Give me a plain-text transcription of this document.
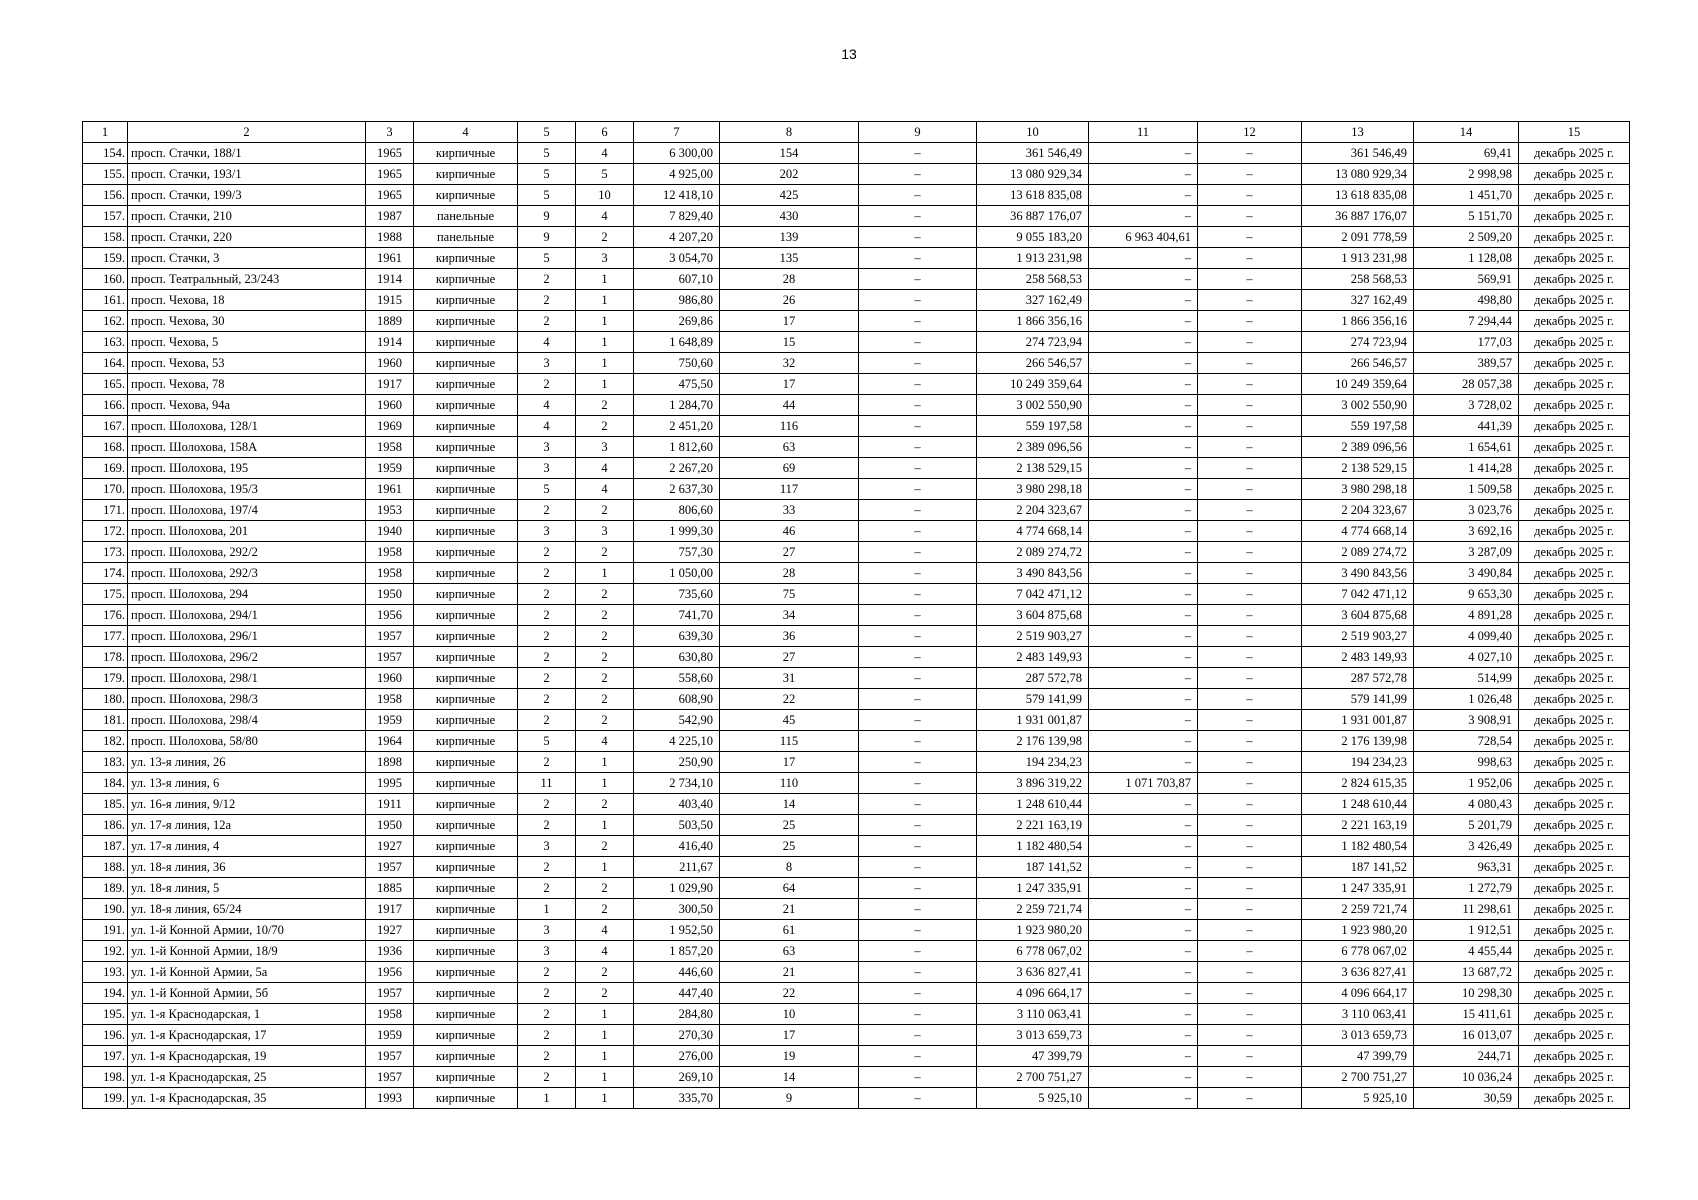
13
1	2	3	4	5	6	7	8	9	10	11	12	13	14	15
154.	просп. Стачки, 188/1	1965	кирпичные	5	4	6 300,00	154	–	361 546,49	–	–	361 546,49	69,41	декабрь 2025 г.
155.	просп. Стачки, 193/1	1965	кирпичные	5	5	4 925,00	202	–	13 080 929,34	–	–	13 080 929,34	2 998,98	декабрь 2025 г.
156.	просп. Стачки, 199/3	1965	кирпичные	5	10	12 418,10	425	–	13 618 835,08	–	–	13 618 835,08	1 451,70	декабрь 2025 г.
157.	просп. Стачки, 210	1987	панельные	9	4	7 829,40	430	–	36 887 176,07	–	–	36 887 176,07	5 151,70	декабрь 2025 г.
158.	просп. Стачки, 220	1988	панельные	9	2	4 207,20	139	–	9 055 183,20	6 963 404,61	–	2 091 778,59	2 509,20	декабрь 2025 г.
159.	просп. Стачки, 3	1961	кирпичные	5	3	3 054,70	135	–	1 913 231,98	–	–	1 913 231,98	1 128,08	декабрь 2025 г.
160.	просп. Театральный, 23/243	1914	кирпичные	2	1	607,10	28	–	258 568,53	–	–	258 568,53	569,91	декабрь 2025 г.
161.	просп. Чехова, 18	1915	кирпичные	2	1	986,80	26	–	327 162,49	–	–	327 162,49	498,80	декабрь 2025 г.
162.	просп. Чехова, 30	1889	кирпичные	2	1	269,86	17	–	1 866 356,16	–	–	1 866 356,16	7 294,44	декабрь 2025 г.
163.	просп. Чехова, 5	1914	кирпичные	4	1	1 648,89	15	–	274 723,94	–	–	274 723,94	177,03	декабрь 2025 г.
164.	просп. Чехова, 53	1960	кирпичные	3	1	750,60	32	–	266 546,57	–	–	266 546,57	389,57	декабрь 2025 г.
165.	просп. Чехова, 78	1917	кирпичные	2	1	475,50	17	–	10 249 359,64	–	–	10 249 359,64	28 057,38	декабрь 2025 г.
166.	просп. Чехова, 94а	1960	кирпичные	4	2	1 284,70	44	–	3 002 550,90	–	–	3 002 550,90	3 728,02	декабрь 2025 г.
167.	просп. Шолохова, 128/1	1969	кирпичные	4	2	2 451,20	116	–	559 197,58	–	–	559 197,58	441,39	декабрь 2025 г.
168.	просп. Шолохова, 158А	1958	кирпичные	3	3	1 812,60	63	–	2 389 096,56	–	–	2 389 096,56	1 654,61	декабрь 2025 г.
169.	просп. Шолохова, 195	1959	кирпичные	3	4	2 267,20	69	–	2 138 529,15	–	–	2 138 529,15	1 414,28	декабрь 2025 г.
170.	просп. Шолохова, 195/3	1961	кирпичные	5	4	2 637,30	117	–	3 980 298,18	–	–	3 980 298,18	1 509,58	декабрь 2025 г.
171.	просп. Шолохова, 197/4	1953	кирпичные	2	2	806,60	33	–	2 204 323,67	–	–	2 204 323,67	3 023,76	декабрь 2025 г.
172.	просп. Шолохова, 201	1940	кирпичные	3	3	1 999,30	46	–	4 774 668,14	–	–	4 774 668,14	3 692,16	декабрь 2025 г.
173.	просп. Шолохова, 292/2	1958	кирпичные	2	2	757,30	27	–	2 089 274,72	–	–	2 089 274,72	3 287,09	декабрь 2025 г.
174.	просп. Шолохова, 292/3	1958	кирпичные	2	1	1 050,00	28	–	3 490 843,56	–	–	3 490 843,56	3 490,84	декабрь 2025 г.
175.	просп. Шолохова, 294	1950	кирпичные	2	2	735,60	75	–	7 042 471,12	–	–	7 042 471,12	9 653,30	декабрь 2025 г.
176.	просп. Шолохова, 294/1	1956	кирпичные	2	2	741,70	34	–	3 604 875,68	–	–	3 604 875,68	4 891,28	декабрь 2025 г.
177.	просп. Шолохова, 296/1	1957	кирпичные	2	2	639,30	36	–	2 519 903,27	–	–	2 519 903,27	4 099,40	декабрь 2025 г.
178.	просп. Шолохова, 296/2	1957	кирпичные	2	2	630,80	27	–	2 483 149,93	–	–	2 483 149,93	4 027,10	декабрь 2025 г.
179.	просп. Шолохова, 298/1	1960	кирпичные	2	2	558,60	31	–	287 572,78	–	–	287 572,78	514,99	декабрь 2025 г.
180.	просп. Шолохова, 298/3	1958	кирпичные	2	2	608,90	22	–	579 141,99	–	–	579 141,99	1 026,48	декабрь 2025 г.
181.	просп. Шолохова, 298/4	1959	кирпичные	2	2	542,90	45	–	1 931 001,87	–	–	1 931 001,87	3 908,91	декабрь 2025 г.
182.	просп. Шолохова, 58/80	1964	кирпичные	5	4	4 225,10	115	–	2 176 139,98	–	–	2 176 139,98	728,54	декабрь 2025 г.
183.	ул. 13-я линия, 26	1898	кирпичные	2	1	250,90	17	–	194 234,23	–	–	194 234,23	998,63	декабрь 2025 г.
184.	ул. 13-я линия, 6	1995	кирпичные	11	1	2 734,10	110	–	3 896 319,22	1 071 703,87	–	2 824 615,35	1 952,06	декабрь 2025 г.
185.	ул. 16-я линия, 9/12	1911	кирпичные	2	2	403,40	14	–	1 248 610,44	–	–	1 248 610,44	4 080,43	декабрь 2025 г.
186.	ул. 17-я линия, 12а	1950	кирпичные	2	1	503,50	25	–	2 221 163,19	–	–	2 221 163,19	5 201,79	декабрь 2025 г.
187.	ул. 17-я линия, 4	1927	кирпичные	3	2	416,40	25	–	1 182 480,54	–	–	1 182 480,54	3 426,49	декабрь 2025 г.
188.	ул. 18-я линия, 36	1957	кирпичные	2	1	211,67	8	–	187 141,52	–	–	187 141,52	963,31	декабрь 2025 г.
189.	ул. 18-я линия, 5	1885	кирпичные	2	2	1 029,90	64	–	1 247 335,91	–	–	1 247 335,91	1 272,79	декабрь 2025 г.
190.	ул. 18-я линия, 65/24	1917	кирпичные	1	2	300,50	21	–	2 259 721,74	–	–	2 259 721,74	11 298,61	декабрь 2025 г.
191.	ул. 1-й Конной Армии, 10/70	1927	кирпичные	3	4	1 952,50	61	–	1 923 980,20	–	–	1 923 980,20	1 912,51	декабрь 2025 г.
192.	ул. 1-й Конной Армии, 18/9	1936	кирпичные	3	4	1 857,20	63	–	6 778 067,02	–	–	6 778 067,02	4 455,44	декабрь 2025 г.
193.	ул. 1-й Конной Армии, 5а	1956	кирпичные	2	2	446,60	21	–	3 636 827,41	–	–	3 636 827,41	13 687,72	декабрь 2025 г.
194.	ул. 1-й Конной Армии, 5б	1957	кирпичные	2	2	447,40	22	–	4 096 664,17	–	–	4 096 664,17	10 298,30	декабрь 2025 г.
195.	ул. 1-я Краснодарская, 1	1958	кирпичные	2	1	284,80	10	–	3 110 063,41	–	–	3 110 063,41	15 411,61	декабрь 2025 г.
196.	ул. 1-я Краснодарская, 17	1959	кирпичные	2	1	270,30	17	–	3 013 659,73	–	–	3 013 659,73	16 013,07	декабрь 2025 г.
197.	ул. 1-я Краснодарская, 19	1957	кирпичные	2	1	276,00	19	–	47 399,79	–	–	47 399,79	244,71	декабрь 2025 г.
198.	ул. 1-я Краснодарская, 25	1957	кирпичные	2	1	269,10	14	–	2 700 751,27	–	–	2 700 751,27	10 036,24	декабрь 2025 г.
199.	ул. 1-я Краснодарская, 35	1993	кирпичные	1	1	335,70	9	–	5 925,10	–	–	5 925,10	30,59	декабрь 2025 г.
